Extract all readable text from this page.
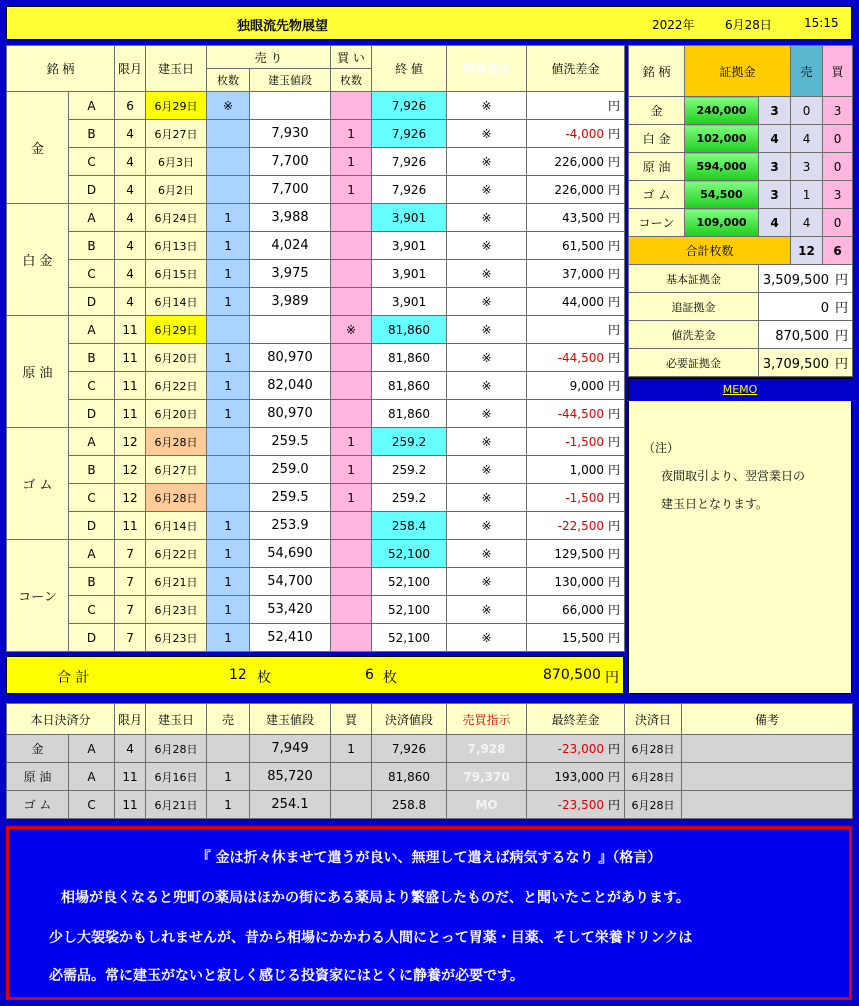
独眼流先物展望	2022年	6月28日	15:15
銘 柄		限月	建玉日	売 り		買 い	終 値	売買指示	値洗差金
				枚数	建玉値段	枚数			
金	A	6	6月29日	※			7,926	※	円
	B	4	6月27日		7,930	1	7,926	※	-4,000 円
	C	4	6月3日		7,700	1	7,926	※	226,000 円
	D	4	6月2日		7,700	1	7,926	※	226,000 円
白 金	A	4	6月24日	1	3,988		3,901	※	43,500 円
	B	4	6月13日	1	4,024		3,901	※	61,500 円
	C	4	6月15日	1	3,975		3,901	※	37,000 円
	D	4	6月14日	1	3,989		3,901	※	44,000 円
原 油	A	11	6月29日			※	81,860	※	円
	B	11	6月20日	1	80,970		81,860	※	-44,500 円
	C	11	6月22日	1	82,040		81,860	※	9,000 円
	D	11	6月20日	1	80,970		81,860	※	-44,500 円
ゴ ム	A	12	6月28日		259.5	1	259.2	※	-1,500 円
	B	12	6月27日		259.0	1	259.2	※	1,000 円
	C	12	6月28日		259.5	1	259.2	※	-1,500 円
	D	11	6月14日	1	253.9		258.4	※	-22,500 円
コーン	A	7	6月22日	1	54,690		52,100	※	129,500 円
	B	7	6月21日	1	54,700		52,100	※	130,000 円
	C	7	6月23日	1	53,420		52,100	※	66,000 円
	D	7	6月23日	1	52,410		52,100	※	15,500 円
合 計	12 枚	6 枚	870,500 円
銘 柄	証拠金		売	買
金	240,000	3	0	3
白 金	102,000	4	4	0
原 油	594,000	3	3	0
ゴ ム	54,500	3	1	3
コーン	109,000	4	4	0
合計枚数			12	6
基本証拠金		3,509,500 円		
追証拠金		0 円		
値洗差金		870,500 円		
必要証拠金		3,709,500 円		
MEMO
（注）
夜間取引より、翌営業日の
建玉日となります。
本日決済分		限月	建玉日	売	建玉値段	買	決済値段	売買指示	最終差金	決済日	備考
金	A	4	6月28日		7,949	1	7,926	7,928	-23,000 円	6月28日	
原 油	A	11	6月16日	1	85,720		81,860	79,370	193,000 円	6月28日	
ゴ ム	C	11	6月21日	1	254.1		258.8	MO	-23,500 円	6月28日	
『 金は折々休ませて遣うが良い、無理して遣えば病気するなり 』（格言）
相場が良くなると兜町の薬局はほかの街にある薬局より繁盛したものだ、と聞いたことがあります。
少し大袈裟かもしれませんが、昔から相場にかかわる人間にとって胃薬・目薬、そして栄養ドリンクは
必需品。常に建玉がないと寂しく感じる投資家にはとくに静養が必要です。
